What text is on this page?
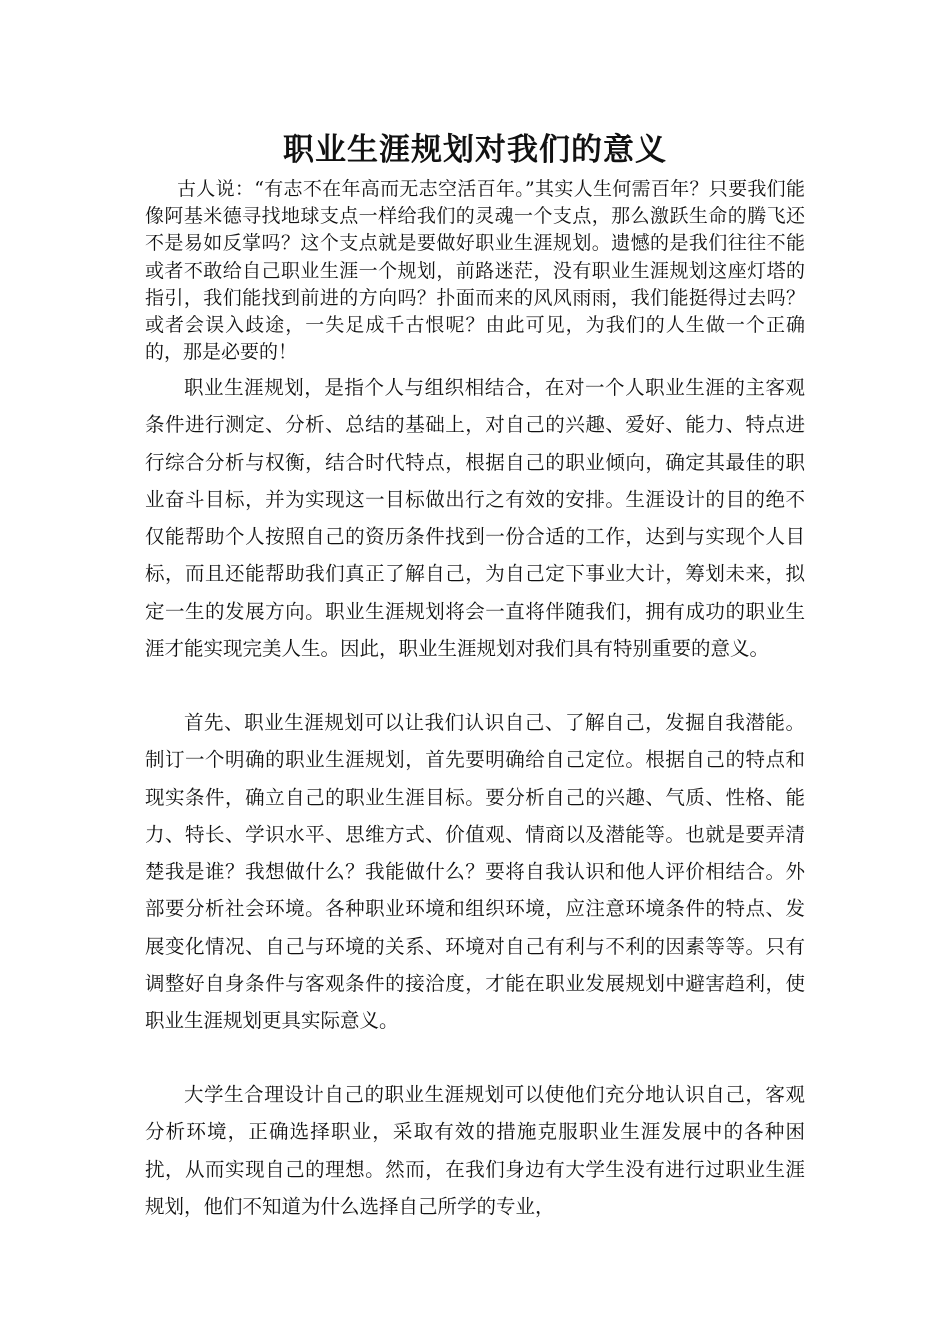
职业生涯规划对我们的意义

古人说：“有志不在年高而无志空活百年。”其实人生何需百年？只要我们能像阿基米德寻找地球支点一样给我们的灵魂一个支点，那么激跃生命的腾飞还不是易如反掌吗？这个支点就是要做好职业生涯规划。遗憾的是我们往往不能或者不敢给自己职业生涯一个规划，前路迷茫，没有职业生涯规划这座灯塔的指引，我们能找到前进的方向吗？扑面而来的风风雨雨，我们能挺得过去吗？或者会误入歧途，一失足成千古恨呢？由此可见，为我们的人生做一个正确的，那是必要的！

职业生涯规划，是指个人与组织相结合，在对一个人职业生涯的主客观条件进行测定、分析、总结的基础上，对自己的兴趣、爱好、能力、特点进行综合分析与权衡，结合时代特点，根据自己的职业倾向，确定其最佳的职业奋斗目标，并为实现这一目标做出行之有效的安排。生涯设计的目的绝不仅能帮助个人按照自己的资历条件找到一份合适的工作，达到与实现个人目标，而且还能帮助我们真正了解自己，为自己定下事业大计，筹划未来，拟定一生的发展方向。职业生涯规划将会一直将伴随我们，拥有成功的职业生涯才能实现完美人生。因此，职业生涯规划对我们具有特别重要的意义。

首先、职业生涯规划可以让我们认识自己、了解自己，发掘自我潜能。制订一个明确的职业生涯规划，首先要明确给自己定位。根据自己的特点和现实条件，确立自己的职业生涯目标。要分析自己的兴趣、气质、性格、能力、特长、学识水平、思维方式、价值观、情商以及潜能等。也就是要弄清楚我是谁？我想做什么？我能做什么？要将自我认识和他人评价相结合。外部要分析社会环境。各种职业环境和组织环境，应注意环境条件的特点、发展变化情况、自己与环境的关系、环境对自己有利与不利的因素等等。只有调整好自身条件与客观条件的接洽度，才能在职业发展规划中避害趋利，使职业生涯规划更具实际意义。

大学生合理设计自己的职业生涯规划可以使他们充分地认识自己，客观分析环境，正确选择职业，采取有效的措施克服职业生涯发展中的各种困扰，从而实现自己的理想。然而，在我们身边有大学生没有进行过职业生涯规划，他们不知道为什么选择自己所学的专业，
